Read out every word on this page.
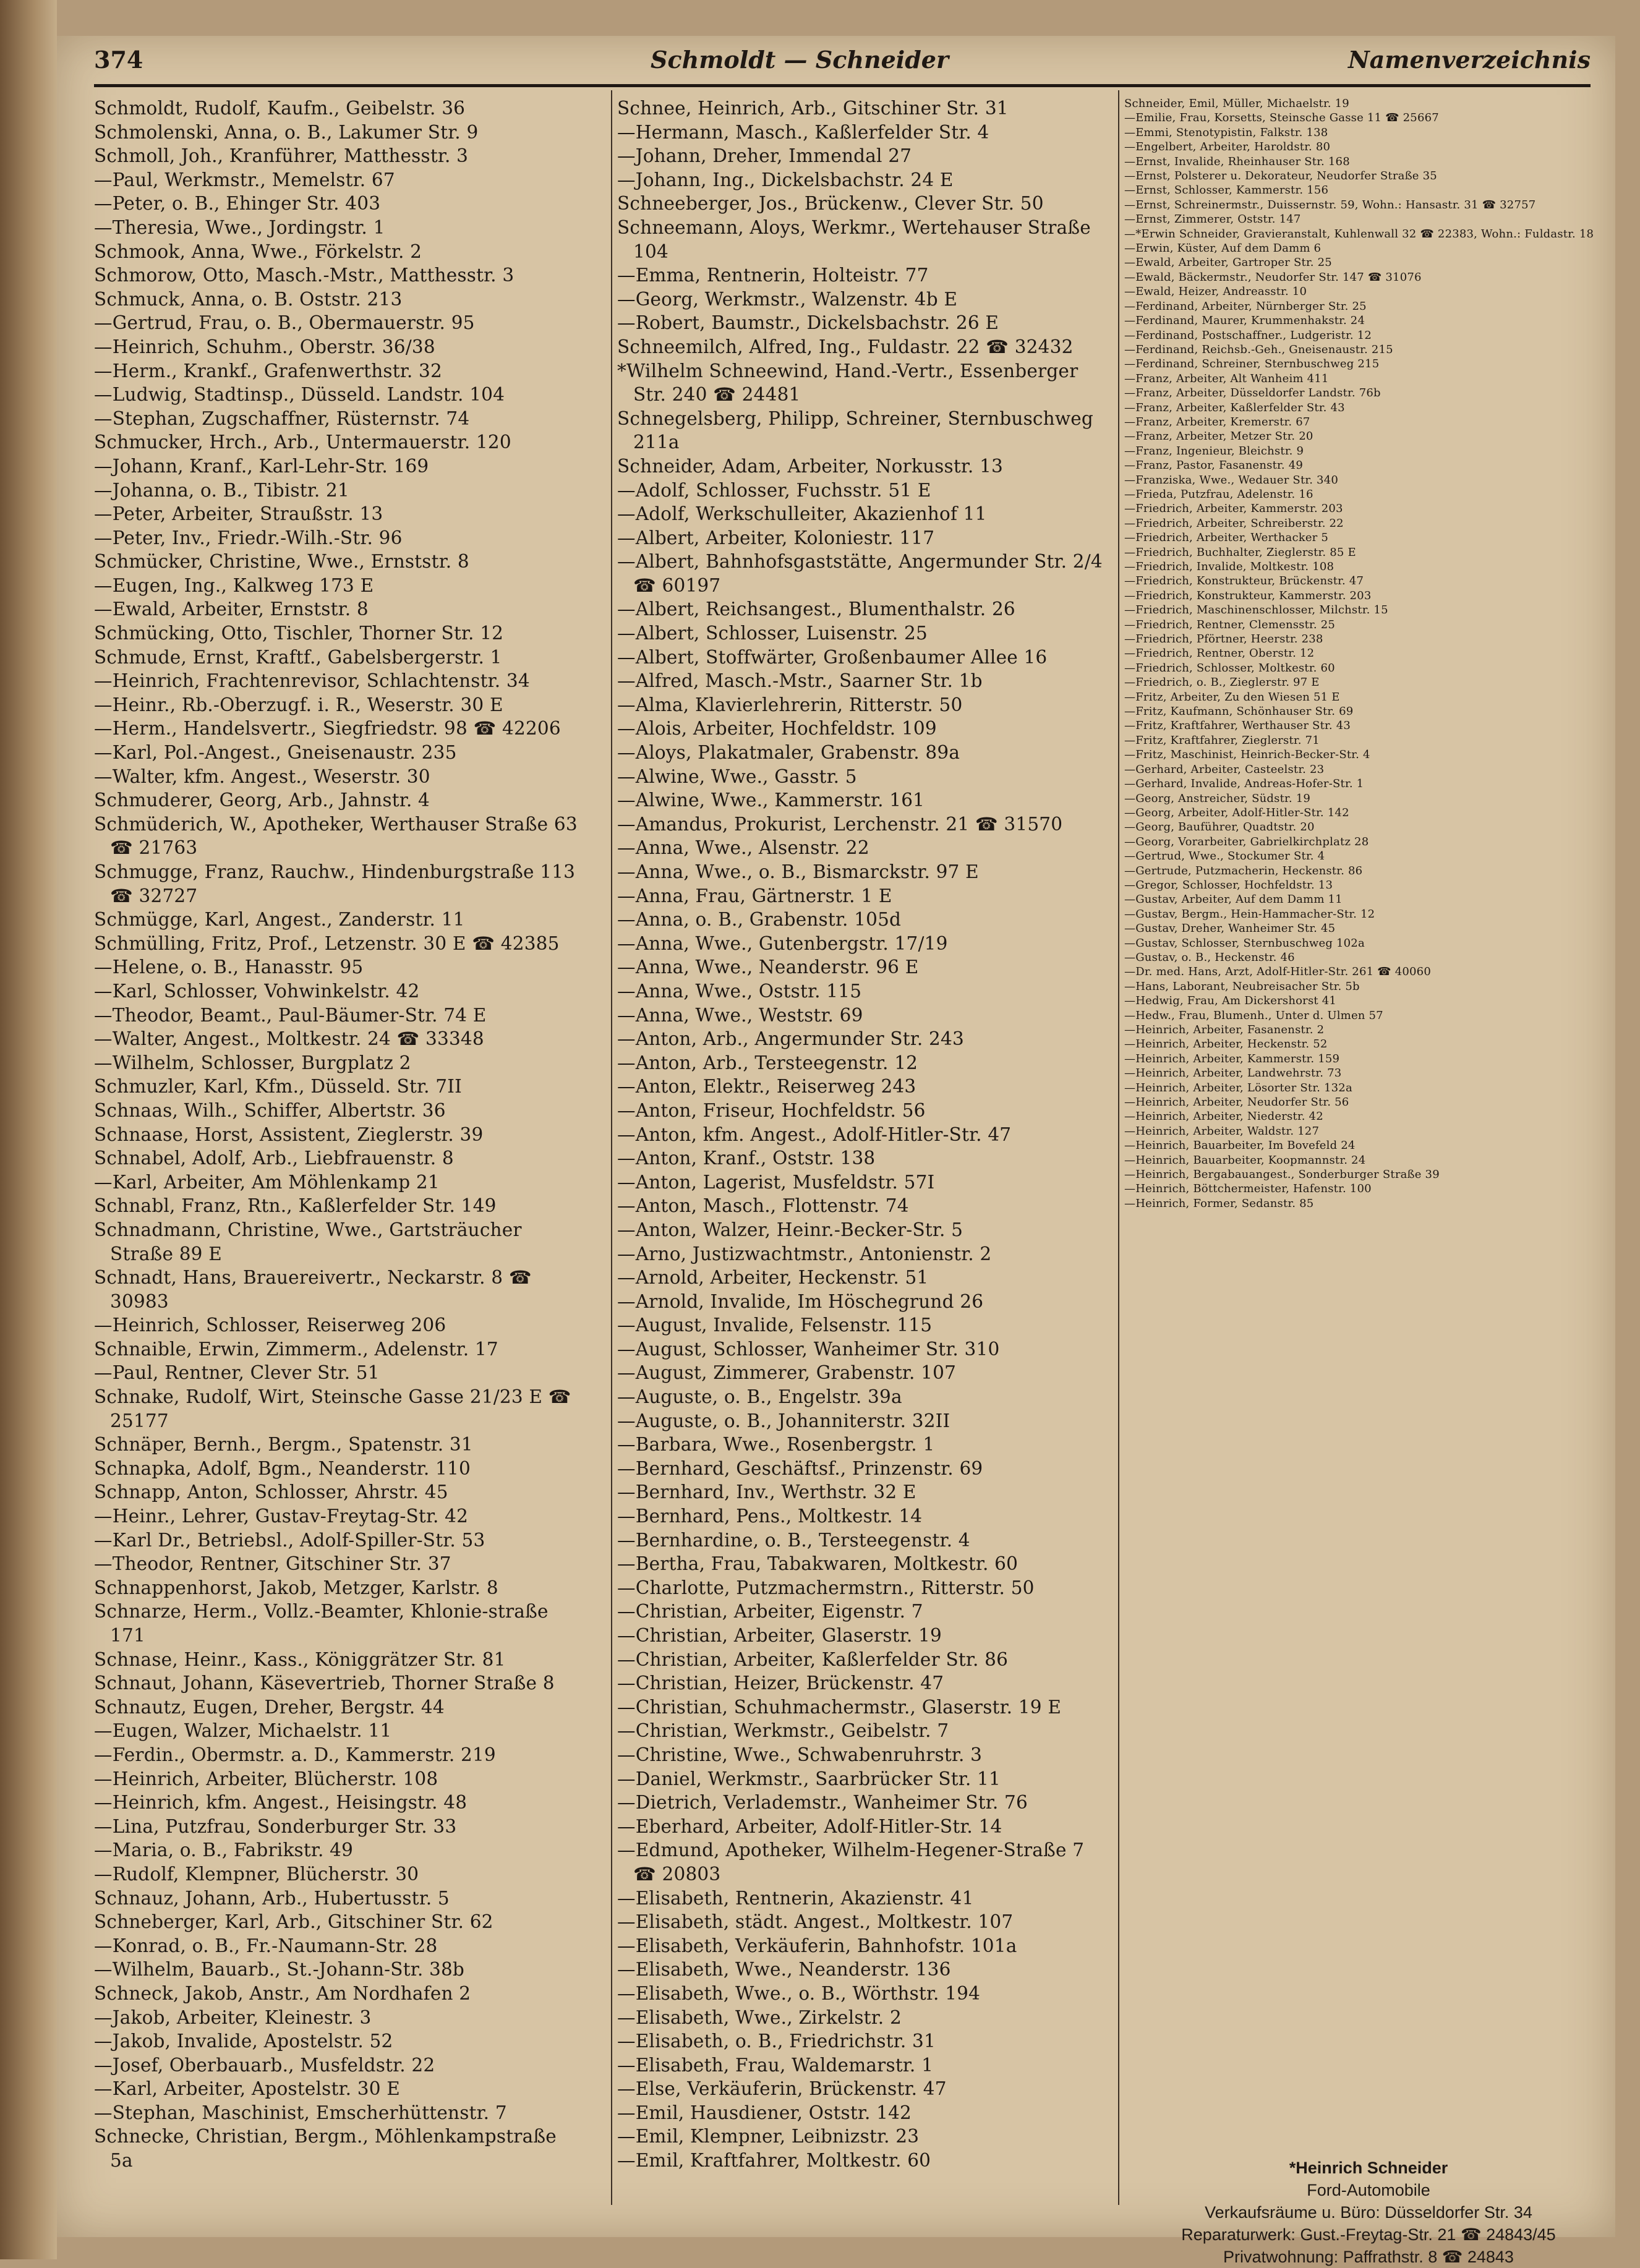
374	Schmoldt — Schneider	Namenverzeichnis
Schmoldt, Rudolf, Kaufm., Geibelstr. 36
Schmolenski, Anna, o. B., Lakumer Str. 9
Schmoll, Joh., Kranführer, Matthesstr. 3
—Paul, Werkmstr., Memelstr. 67
—Peter, o. B., Ehinger Str. 403
—Theresia, Wwe., Jordingstr. 1
Schmook, Anna, Wwe., Förkelstr. 2
Schmorow, Otto, Masch.-Mstr., Matthesstr. 3
Schmuck, Anna, o. B. Oststr. 213
—Gertrud, Frau, o. B., Obermauerstr. 95
—Heinrich, Schuhm., Oberstr. 36/38
—Herm., Krankf., Grafenwerthstr. 32
—Ludwig, Stadtinsp., Düsseld. Landstr. 104
—Stephan, Zugschaffner, Rüsternstr. 74
Schmucker, Hrch., Arb., Untermauerstr. 120
—Johann, Kranf., Karl-Lehr-Str. 169
—Johanna, o. B., Tibistr. 21
—Peter, Arbeiter, Straußstr. 13
—Peter, Inv., Friedr.-Wilh.-Str. 96
Schmücker, Christine, Wwe., Ernststr. 8
—Eugen, Ing., Kalkweg 173 E
—Ewald, Arbeiter, Ernststr. 8
Schmücking, Otto, Tischler, Thorner Str. 12
Schmude, Ernst, Kraftf., Gabelsbergerstr. 1
—Heinrich, Frachtenrevisor, Schlachtenstr. 34
—Heinr., Rb.-Oberzugf. i. R., Weserstr. 30 E
—Herm., Handelsvertr., Siegfriedstr. 98 ☎ 42206
—Karl, Pol.-Angest., Gneisenaustr. 235
—Walter, kfm. Angest., Weserstr. 30
Schmuderer, Georg, Arb., Jahnstr. 4
Schmüderich, W., Apotheker, Werthauser Straße 63 ☎ 21763
Schmugge, Franz, Rauchw., Hindenburgstraße 113 ☎ 32727
Schmügge, Karl, Angest., Zanderstr. 11
Schmülling, Fritz, Prof., Letzenstr. 30 E ☎ 42385
—Helene, o. B., Hanasstr. 95
—Karl, Schlosser, Vohwinkelstr. 42
—Theodor, Beamt., Paul-Bäumer-Str. 74 E
—Walter, Angest., Moltkestr. 24 ☎ 33348
—Wilhelm, Schlosser, Burgplatz 2
Schmuzler, Karl, Kfm., Düsseld. Str. 7II
Schnaas, Wilh., Schiffer, Albertstr. 36
Schnaase, Horst, Assistent, Zieglerstr. 39
Schnabel, Adolf, Arb., Liebfrauenstr. 8
—Karl, Arbeiter, Am Möhlenkamp 21
Schnabl, Franz, Rtn., Kaßlerfelder Str. 149
Schnadmann, Christine, Wwe., Gartsträucher Straße 89 E
Schnadt, Hans, Brauereivertr., Neckarstr. 8 ☎ 30983
—Heinrich, Schlosser, Reiserweg 206
Schnaible, Erwin, Zimmerm., Adelenstr. 17
—Paul, Rentner, Clever Str. 51
Schnake, Rudolf, Wirt, Steinsche Gasse 21/23 E ☎ 25177
Schnäper, Bernh., Bergm., Spatenstr. 31
Schnapka, Adolf, Bgm., Neanderstr. 110
Schnapp, Anton, Schlosser, Ahrstr. 45
—Heinr., Lehrer, Gustav-Freytag-Str. 42
—Karl Dr., Betriebsl., Adolf-Spiller-Str. 53
—Theodor, Rentner, Gitschiner Str. 37
Schnappenhorst, Jakob, Metzger, Karlstr. 8
Schnarze, Herm., Vollz.-Beamter, Khlonie-straße 171
Schnase, Heinr., Kass., Königgrätzer Str. 81
Schnaut, Johann, Käsevertrieb, Thorner Straße 8
Schnautz, Eugen, Dreher, Bergstr. 44
—Eugen, Walzer, Michaelstr. 11
—Ferdin., Obermstr. a. D., Kammerstr. 219
—Heinrich, Arbeiter, Blücherstr. 108
—Heinrich, kfm. Angest., Heisingstr. 48
—Lina, Putzfrau, Sonderburger Str. 33
—Maria, o. B., Fabrikstr. 49
—Rudolf, Klempner, Blücherstr. 30
Schnauz, Johann, Arb., Hubertusstr. 5
Schneberger, Karl, Arb., Gitschiner Str. 62
—Konrad, o. B., Fr.-Naumann-Str. 28
—Wilhelm, Bauarb., St.-Johann-Str. 38b
Schneck, Jakob, Anstr., Am Nordhafen 2
—Jakob, Arbeiter, Kleinestr. 3
—Jakob, Invalide, Apostelstr. 52
—Josef, Oberbauarb., Musfeldstr. 22
—Karl, Arbeiter, Apostelstr. 30 E
—Stephan, Maschinist, Emscherhüttenstr. 7
Schnecke, Christian, Bergm., Möhlenkampstraße 5a
Schnee, Heinrich, Arb., Gitschiner Str. 31
—Hermann, Masch., Kaßlerfelder Str. 4
—Johann, Dreher, Immendal 27
—Johann, Ing., Dickelsbachstr. 24 E
Schneeberger, Jos., Brückenw., Clever Str. 50
Schneemann, Aloys, Werkmr., Wertehauser Straße 104
—Emma, Rentnerin, Holteistr. 77
—Georg, Werkmstr., Walzenstr. 4b E
—Robert, Baumstr., Dickelsbachstr. 26 E
Schneemilch, Alfred, Ing., Fuldastr. 22 ☎ 32432
*Wilhelm Schneewind, Hand.-Vertr., Essenberger Str. 240 ☎ 24481
Schnegelsberg, Philipp, Schreiner, Sternbuschweg 211a
Schneider, Adam, Arbeiter, Norkusstr. 13
—Adolf, Schlosser, Fuchsstr. 51 E
—Adolf, Werkschulleiter, Akazienhof 11
—Albert, Arbeiter, Koloniestr. 117
—Albert, Bahnhofsgaststätte, Angermunder Str. 2/4 ☎ 60197
—Albert, Reichsangest., Blumenthalstr. 26
—Albert, Schlosser, Luisenstr. 25
—Albert, Stoffwärter, Großenbaumer Allee 16
—Alfred, Masch.-Mstr., Saarner Str. 1b
—Alma, Klavierlehrerin, Ritterstr. 50
—Alois, Arbeiter, Hochfeldstr. 109
—Aloys, Plakatmaler, Grabenstr. 89a
—Alwine, Wwe., Gasstr. 5
—Alwine, Wwe., Kammerstr. 161
—Amandus, Prokurist, Lerchenstr. 21 ☎ 31570
—Anna, Wwe., Alsenstr. 22
—Anna, Wwe., o. B., Bismarckstr. 97 E
—Anna, Frau, Gärtnerstr. 1 E
—Anna, o. B., Grabenstr. 105d
—Anna, Wwe., Gutenbergstr. 17/19
—Anna, Wwe., Neanderstr. 96 E
—Anna, Wwe., Oststr. 115
—Anna, Wwe., Weststr. 69
—Anton, Arb., Angermunder Str. 243
—Anton, Arb., Tersteegenstr. 12
—Anton, Elektr., Reiserweg 243
—Anton, Friseur, Hochfeldstr. 56
—Anton, kfm. Angest., Adolf-Hitler-Str. 47
—Anton, Kranf., Oststr. 138
—Anton, Lagerist, Musfeldstr. 57I
—Anton, Masch., Flottenstr. 74
—Anton, Walzer, Heinr.-Becker-Str. 5
—Arno, Justizwachtmstr., Antonienstr. 2
—Arnold, Arbeiter, Heckenstr. 51
—Arnold, Invalide, Im Höschegrund 26
—August, Invalide, Felsenstr. 115
—August, Schlosser, Wanheimer Str. 310
—August, Zimmerer, Grabenstr. 107
—Auguste, o. B., Engelstr. 39a
—Auguste, o. B., Johanniterstr. 32II
—Barbara, Wwe., Rosenbergstr. 1
—Bernhard, Geschäftsf., Prinzenstr. 69
—Bernhard, Inv., Werthstr. 32 E
—Bernhard, Pens., Moltkestr. 14
—Bernhardine, o. B., Tersteegenstr. 4
—Bertha, Frau, Tabakwaren, Moltkestr. 60
—Charlotte, Putzmachermstrn., Ritterstr. 50
—Christian, Arbeiter, Eigenstr. 7
—Christian, Arbeiter, Glaserstr. 19
—Christian, Arbeiter, Kaßlerfelder Str. 86
—Christian, Heizer, Brückenstr. 47
—Christian, Schuhmachermstr., Glaserstr. 19 E
—Christian, Werkmstr., Geibelstr. 7
—Christine, Wwe., Schwabenruhrstr. 3
—Daniel, Werkmstr., Saarbrücker Str. 11
—Dietrich, Verlademstr., Wanheimer Str. 76
—Eberhard, Arbeiter, Adolf-Hitler-Str. 14
—Edmund, Apotheker, Wilhelm-Hegener-Straße 7 ☎ 20803
—Elisabeth, Rentnerin, Akazienstr. 41
—Elisabeth, städt. Angest., Moltkestr. 107
—Elisabeth, Verkäuferin, Bahnhofstr. 101a
—Elisabeth, Wwe., Neanderstr. 136
—Elisabeth, Wwe., o. B., Wörthstr. 194
—Elisabeth, Wwe., Zirkelstr. 2
—Elisabeth, o. B., Friedrichstr. 31
—Elisabeth, Frau, Waldemarstr. 1
—Else, Verkäuferin, Brückenstr. 47
—Emil, Hausdiener, Oststr. 142
—Emil, Klempner, Leibnizstr. 23
—Emil, Kraftfahrer, Moltkestr. 60
Schneider, Emil, Müller, Michaelstr. 19
—Emilie, Frau, Korsetts, Steinsche Gasse 11 ☎ 25667
—Emmi, Stenotypistin, Falkstr. 138
—Engelbert, Arbeiter, Haroldstr. 80
—Ernst, Invalide, Rheinhauser Str. 168
—Ernst, Polsterer u. Dekorateur, Neudorfer Straße 35
—Ernst, Schlosser, Kammerstr. 156
—Ernst, Schreinermstr., Duissernstr. 59, Wohn.: Hansastr. 31 ☎ 32757
—Ernst, Zimmerer, Oststr. 147
—*Erwin Schneider, Gravieranstalt, Kuhlenwall 32 ☎ 22383, Wohn.: Fuldastr. 18
—Erwin, Küster, Auf dem Damm 6
—Ewald, Arbeiter, Gartroper Str. 25
—Ewald, Bäckermstr., Neudorfer Str. 147 ☎ 31076
—Ewald, Heizer, Andreasstr. 10
—Ferdinand, Arbeiter, Nürnberger Str. 25
—Ferdinand, Maurer, Krummenhakstr. 24
—Ferdinand, Postschaffner., Ludgeristr. 12
—Ferdinand, Reichsb.-Geh., Gneisenaustr. 215
—Ferdinand, Schreiner, Sternbuschweg 215
—Franz, Arbeiter, Alt Wanheim 411
—Franz, Arbeiter, Düsseldorfer Landstr. 76b
—Franz, Arbeiter, Kaßlerfelder Str. 43
—Franz, Arbeiter, Kremerstr. 67
—Franz, Arbeiter, Metzer Str. 20
—Franz, Ingenieur, Bleichstr. 9
—Franz, Pastor, Fasanenstr. 49
—Franziska, Wwe., Wedauer Str. 340
—Frieda, Putzfrau, Adelenstr. 16
—Friedrich, Arbeiter, Kammerstr. 203
—Friedrich, Arbeiter, Schreiberstr. 22
—Friedrich, Arbeiter, Werthacker 5
—Friedrich, Buchhalter, Zieglerstr. 85 E
—Friedrich, Invalide, Moltkestr. 108
—Friedrich, Konstrukteur, Brückenstr. 47
—Friedrich, Konstrukteur, Kammerstr. 203
—Friedrich, Maschinenschlosser, Milchstr. 15
—Friedrich, Rentner, Clemensstr. 25
—Friedrich, Pförtner, Heerstr. 238
—Friedrich, Rentner, Oberstr. 12
—Friedrich, Schlosser, Moltkestr. 60
—Friedrich, o. B., Zieglerstr. 97 E
—Fritz, Arbeiter, Zu den Wiesen 51 E
—Fritz, Kaufmann, Schönhauser Str. 69
—Fritz, Kraftfahrer, Werthauser Str. 43
—Fritz, Kraftfahrer, Zieglerstr. 71
—Fritz, Maschinist, Heinrich-Becker-Str. 4
—Gerhard, Arbeiter, Casteelstr. 23
—Gerhard, Invalide, Andreas-Hofer-Str. 1
—Georg, Anstreicher, Südstr. 19
—Georg, Arbeiter, Adolf-Hitler-Str. 142
—Georg, Bauführer, Quadtstr. 20
—Georg, Vorarbeiter, Gabrielkirchplatz 28
—Gertrud, Wwe., Stockumer Str. 4
—Gertrude, Putzmacherin, Heckenstr. 86
—Gregor, Schlosser, Hochfeldstr. 13
—Gustav, Arbeiter, Auf dem Damm 11
—Gustav, Bergm., Hein-Hammacher-Str. 12
—Gustav, Dreher, Wanheimer Str. 45
—Gustav, Schlosser, Sternbuschweg 102a
—Gustav, o. B., Heckenstr. 46
—Dr. med. Hans, Arzt, Adolf-Hitler-Str. 261 ☎ 40060
—Hans, Laborant, Neubreisacher Str. 5b
—Hedwig, Frau, Am Dickershorst 41
—Hedw., Frau, Blumenh., Unter d. Ulmen 57
—Heinrich, Arbeiter, Fasanenstr. 2
—Heinrich, Arbeiter, Heckenstr. 52
—Heinrich, Arbeiter, Kammerstr. 159
—Heinrich, Arbeiter, Landwehrstr. 73
—Heinrich, Arbeiter, Lösorter Str. 132a
—Heinrich, Arbeiter, Neudorfer Str. 56
—Heinrich, Arbeiter, Niederstr. 42
—Heinrich, Arbeiter, Waldstr. 127
—Heinrich, Bauarbeiter, Im Bovefeld 24
—Heinrich, Bauarbeiter, Koopmannstr. 24
—Heinrich, Bergabauangest., Sonderburger Straße 39
—Heinrich, Böttchermeister, Hafenstr. 100
—Heinrich, Former, Sedanstr. 85
*Heinrich Schneider
Ford-Automobile
Verkaufsräume u. Büro: Düsseldorfer Str. 34
Reparaturwerk: Gust.-Freytag-Str. 21 ☎ 24843/45
Privatwohnung: Paffrathstr. 8 ☎ 24843
